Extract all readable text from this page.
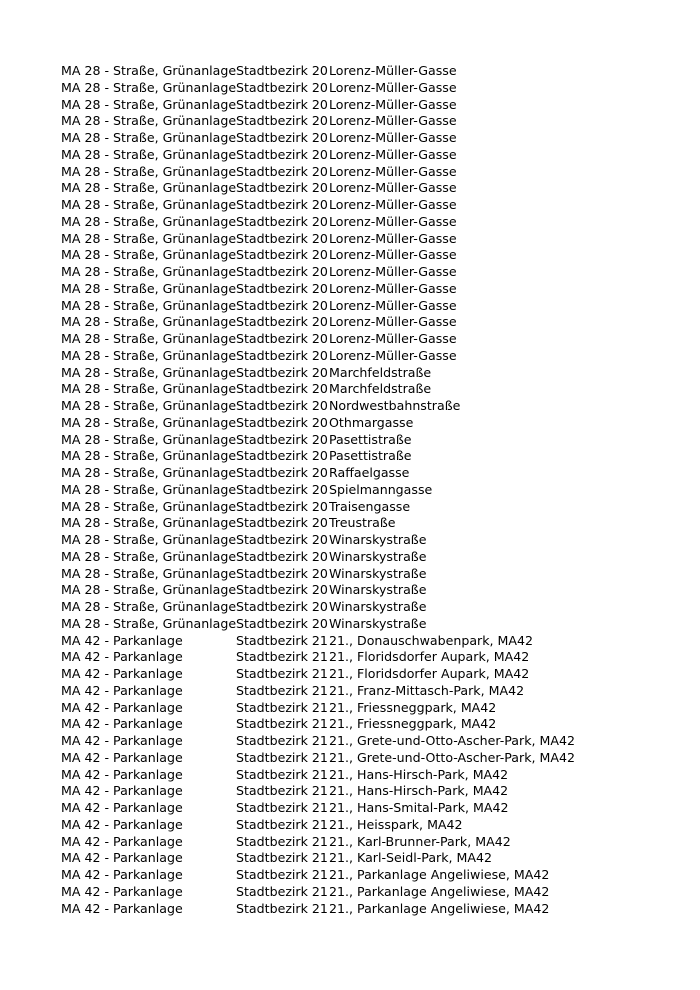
MA 28 - Straße, Grünanlage Stadtbezirk 20 Lorenz-Müller-Gasse
MA 28 - Straße, Grünanlage Stadtbezirk 20 Lorenz-Müller-Gasse
MA 28 - Straße, Grünanlage Stadtbezirk 20 Lorenz-Müller-Gasse
MA 28 - Straße, Grünanlage Stadtbezirk 20 Lorenz-Müller-Gasse
MA 28 - Straße, Grünanlage Stadtbezirk 20 Lorenz-Müller-Gasse
MA 28 - Straße, Grünanlage Stadtbezirk 20 Lorenz-Müller-Gasse
MA 28 - Straße, Grünanlage Stadtbezirk 20 Lorenz-Müller-Gasse
MA 28 - Straße, Grünanlage Stadtbezirk 20 Lorenz-Müller-Gasse
MA 28 - Straße, Grünanlage Stadtbezirk 20 Lorenz-Müller-Gasse
MA 28 - Straße, Grünanlage Stadtbezirk 20 Lorenz-Müller-Gasse
MA 28 - Straße, Grünanlage Stadtbezirk 20 Lorenz-Müller-Gasse
MA 28 - Straße, Grünanlage Stadtbezirk 20 Lorenz-Müller-Gasse
MA 28 - Straße, Grünanlage Stadtbezirk 20 Lorenz-Müller-Gasse
MA 28 - Straße, Grünanlage Stadtbezirk 20 Lorenz-Müller-Gasse
MA 28 - Straße, Grünanlage Stadtbezirk 20 Lorenz-Müller-Gasse
MA 28 - Straße, Grünanlage Stadtbezirk 20 Lorenz-Müller-Gasse
MA 28 - Straße, Grünanlage Stadtbezirk 20 Lorenz-Müller-Gasse
MA 28 - Straße, Grünanlage Stadtbezirk 20 Lorenz-Müller-Gasse
MA 28 - Straße, Grünanlage Stadtbezirk 20 Marchfeldstraße
MA 28 - Straße, Grünanlage Stadtbezirk 20 Marchfeldstraße
MA 28 - Straße, Grünanlage Stadtbezirk 20 Nordwestbahnstraße
MA 28 - Straße, Grünanlage Stadtbezirk 20 Othmargasse
MA 28 - Straße, Grünanlage Stadtbezirk 20 Pasettistraße
MA 28 - Straße, Grünanlage Stadtbezirk 20 Pasettistraße
MA 28 - Straße, Grünanlage Stadtbezirk 20 Raffaelgasse
MA 28 - Straße, Grünanlage Stadtbezirk 20 Spielmanngasse
MA 28 - Straße, Grünanlage Stadtbezirk 20 Traisengasse
MA 28 - Straße, Grünanlage Stadtbezirk 20 Treustraße
MA 28 - Straße, Grünanlage Stadtbezirk 20 Winarskystraße
MA 28 - Straße, Grünanlage Stadtbezirk 20 Winarskystraße
MA 28 - Straße, Grünanlage Stadtbezirk 20 Winarskystraße
MA 28 - Straße, Grünanlage Stadtbezirk 20 Winarskystraße
MA 28 - Straße, Grünanlage Stadtbezirk 20 Winarskystraße
MA 28 - Straße, Grünanlage Stadtbezirk 20 Winarskystraße
MA 42 - Parkanlage	Stadtbezirk 21 21., Donauschwabenpark, MA42
MA 42 - Parkanlage	Stadtbezirk 21 21., Floridsdorfer Aupark, MA42
MA 42 - Parkanlage	Stadtbezirk 21 21., Floridsdorfer Aupark, MA42
MA 42 - Parkanlage	Stadtbezirk 21 21., Franz-Mittasch-Park, MA42
MA 42 - Parkanlage	Stadtbezirk 21 21., Friessneggpark, MA42
MA 42 - Parkanlage	Stadtbezirk 21 21., Friessneggpark, MA42
MA 42 - Parkanlage	Stadtbezirk 21 21., Grete-und-Otto-Ascher-Park, MA42
MA 42 - Parkanlage	Stadtbezirk 21 21., Grete-und-Otto-Ascher-Park, MA42
MA 42 - Parkanlage	Stadtbezirk 21 21., Hans-Hirsch-Park, MA42
MA 42 - Parkanlage	Stadtbezirk 21 21., Hans-Hirsch-Park, MA42
MA 42 - Parkanlage	Stadtbezirk 21 21., Hans-Smital-Park, MA42
MA 42 - Parkanlage	Stadtbezirk 21 21., Heisspark, MA42
MA 42 - Parkanlage	Stadtbezirk 21 21., Karl-Brunner-Park, MA42
MA 42 - Parkanlage	Stadtbezirk 21 21., Karl-Seidl-Park, MA42
MA 42 - Parkanlage	Stadtbezirk 21 21., Parkanlage Angeliwiese, MA42
MA 42 - Parkanlage	Stadtbezirk 21 21., Parkanlage Angeliwiese, MA42
MA 42 - Parkanlage	Stadtbezirk 21 21., Parkanlage Angeliwiese, MA42
